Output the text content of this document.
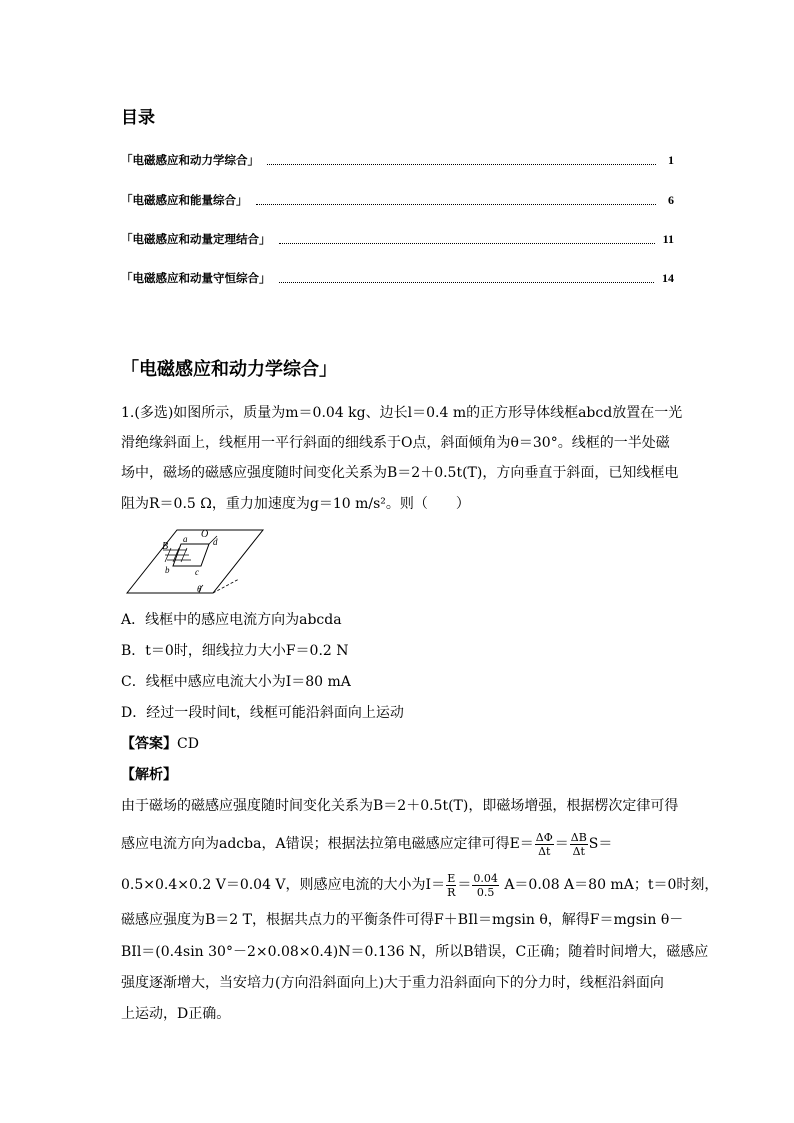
目录
「电磁感应和动力学综合」	1
「电磁感应和能量综合」	6
「电磁感应和动量定理结合」	11
「电磁感应和动量守恒综合」	14
「电磁感应和动力学综合」
1.(多选)如图所示，质量为m＝0.04 kg、边长l＝0.4 m的正方形导体线框abcd放置在一光
滑绝缘斜面上，线框用一平行斜面的细线系于O点，斜面倾角为θ＝30°。线框的一半处磁
场中，磁场的磁感应强度随时间变化关系为B＝2＋0.5t(T)，方向垂直于斜面，已知线框电
阻为R＝0.5 Ω，重力加速度为g＝10 m/s²。则（　　）
B
a O
d
b	c
θ
A．线框中的感应电流方向为abcda
B．t＝0时，细线拉力大小F＝0.2 N
C．线框中感应电流大小为I＝80 mA
D．经过一段时间t，线框可能沿斜面向上运动
【答案】CD
【解析】
由于磁场的磁感应强度随时间变化关系为B＝2＋0.5t(T)，即磁场增强，根据楞次定律可得
感应电流方向为adcba，A错误；根据法拉第电磁感应定律可得$E= \frac{\Delta\Phi}{\Delta t} = \frac{\Delta B}{\Delta t} S=$
0.5×0.4×0.2 V＝0.04 V，则感应电流的大小为$I= \frac{E}{R} = \frac{0.04}{0.5} A=0.08$ A＝80 mA；t＝0时刻，
磁感应强度为B＝2 T，根据共点力的平衡条件可得F＋BIl＝mgsin θ，解得F＝mgsin θ－
BIl＝(0.4sin 30°－2×0.08×0.4)N＝0.136 N，所以B错误，C正确；随着时间增大，磁感应
强度逐渐增大，当安培力(方向沿斜面向上)大于重力沿斜面向下的分力时，线框沿斜面向
上运动，D正确。
